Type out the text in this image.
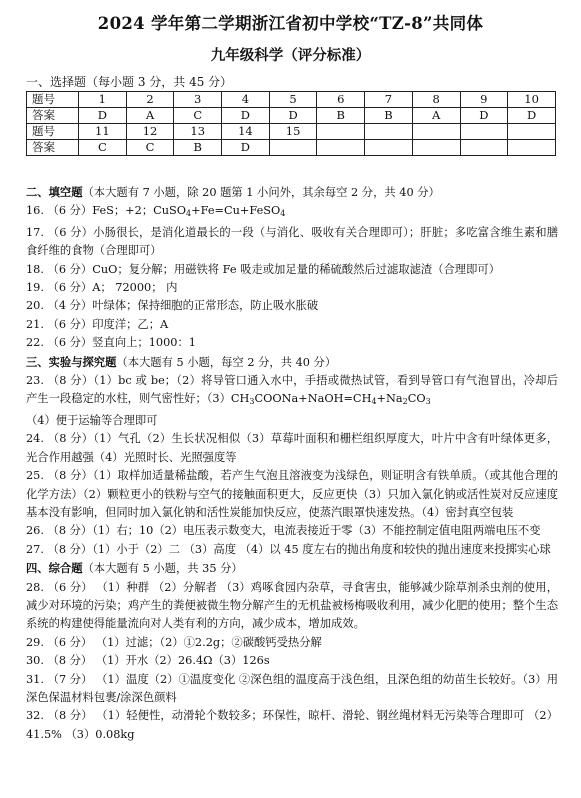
2024 学年第二学期浙江省初中学校“TZ-8”共同体
九年级科学（评分标准）
一、选择题（每小题 3 分，共 45 分）
题号	1	2	3	4	5	6	7	8	9	10
答案	D	A	C	D	D	B	B	A	D	D
题号	11	12	13	14	15					
答案	C	C	B	D						

二、填空题（本大题有 7 小题，除 20 题第 1 小问外，其余每空 2 分，共 40 分）

16. （6 分）FeS；+2；CuSO$_4$+Fe=Cu+FeSO$_4$

17. （6 分）小肠很长，是消化道最长的一段（与消化、吸收有关合理即可）；肝脏；多吃富含维生素和膳食纤维的食物（合理即可）

18. （6 分）CuO；复分解；用磁铁将 Fe 吸走或加足量的稀硫酸然后过滤取滤渣（合理即可）

19. （6 分）A； 72000； 内

20. （4 分）叶绿体；保持细胞的正常形态，防止吸水胀破

21. （6 分）印度洋；乙；A

22. （6 分）竖直向上；1000：1

三、实验与探究题（本大题有 5 小题，每空 2 分，共 40 分）

23. （8 分）（1）bc 或 be；（2）将导管口通入水中，手捂或微热试管，看到导管口有气泡冒出，冷却后产生一段稳定的水柱，则气密性好；$(3)CH_3COONa+NaOH=CH_4+Na_2CO_3$
（4）便于运输等合理即可

24. （8 分）（1）气孔（2）生长状况相似（3）草莓叶面积和栅栏组织厚度大，叶片中含有叶绿体更多，光合作用越强（4）光照时长、光照强度等

25. （8 分）（1）取样加适量稀盐酸，若产生气泡且溶液变为浅绿色，则证明含有铁单质。（或其他合理的化学方法）（2）颗粒更小的铁粉与空气的接触面积更大，反应更快（3）只加入氯化钠或活性炭对反应速度基本没有影响，但同时加入氯化钠和活性炭能加快反应，使蒸汽眼罩快速发热。（4）密封真空包装

26. （8 分）（1）右；10（2）电压表示数变大，电流表接近于零（3）不能控制定值电阻两端电压不变

27. （8 分）（1）小于（2）二 （3）高度 （4）以 45 度左右的抛出角度和较快的抛出速度来投掷实心球

四、综合题（本大题有 5 小题，共 35 分）

28. （6 分） （1）种群 （2）分解者 （3）鸡啄食园内杂草，寻食害虫，能够减少除草剂杀虫剂的使用，减少对环境的污染；鸡产生的粪便被微生物分解产生的无机盐被杨梅吸收利用，减少化肥的使用；整个生态系统的构建使得能量流向对人类有利的方向，减少成本，增加成效。

29. （6 分） （1）过滤；（2）①2.2g；②碳酸钙受热分解

30. （8 分） （1）开水（2）26.4Ω（3）126s

31. （7 分） （1）温度（2）①温度变化 ②深色组的温度高于浅色组，且深色组的幼苗生长较好。（3）用深色保温材料包裹/涂深色颜料

32. （8 分） （1）轻便性，动滑轮个数较多；环保性，晾杆、滑轮、钢丝绳材料无污染等合理即可 （2）41.5% （3）0.08kg
